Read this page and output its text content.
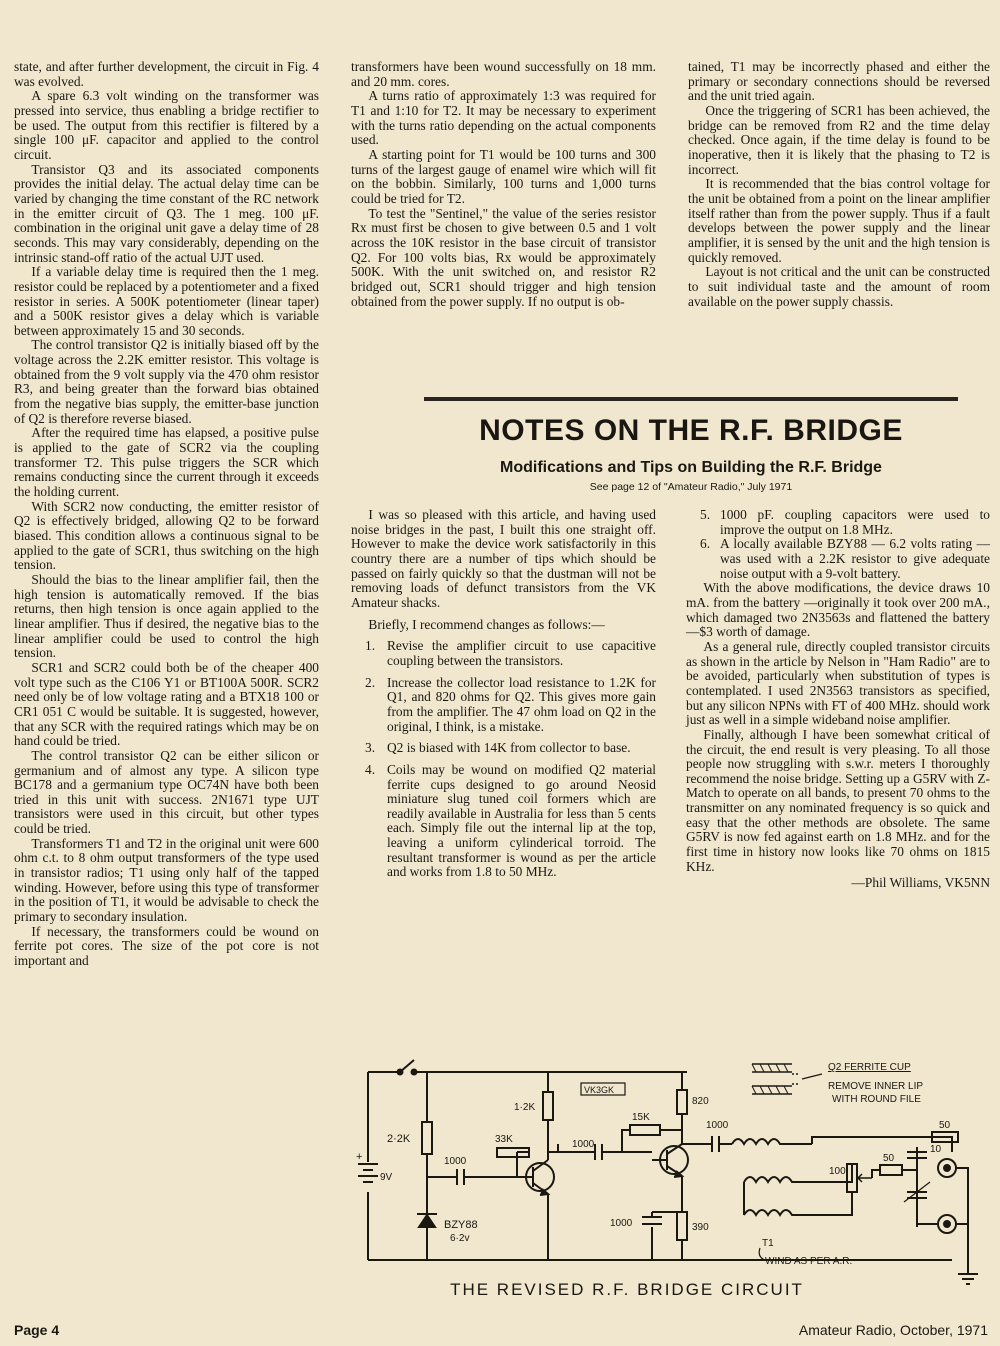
state, and after further development, the circuit in Fig. 4 was evolved.

A spare 6.3 volt winding on the transformer was pressed into service, thus enabling a bridge rectifier to be used. The output from this rectifier is filtered by a single 100 μF. capacitor and applied to the control circuit.

Transistor Q3 and its associated components provides the initial delay. The actual delay time can be varied by changing the time constant of the RC network in the emitter circuit of Q3. The 1 meg. 100 μF. combination in the original unit gave a delay time of 28 seconds. This may vary considerably, depending on the intrinsic stand-off ratio of the actual UJT used.

If a variable delay time is required then the 1 meg. resistor could be replaced by a potentiometer and a fixed resistor in series. A 500K potentiometer (linear taper) and a 500K resistor gives a delay which is variable between approximately 15 and 30 seconds.

The control transistor Q2 is initially biased off by the voltage across the 2.2K emitter resistor. This voltage is obtained from the 9 volt supply via the 470 ohm resistor R3, and being greater than the forward bias obtained from the negative bias supply, the emitter-base junction of Q2 is therefore reverse biased.

After the required time has elapsed, a positive pulse is applied to the gate of SCR2 via the coupling transformer T2. This pulse triggers the SCR which remains conducting since the current through it exceeds the holding current.

With SCR2 now conducting, the emitter resistor of Q2 is effectively bridged, allowing Q2 to be forward biased. This condition allows a continuous signal to be applied to the gate of SCR1, thus switching on the high tension.

Should the bias to the linear amplifier fail, then the high tension is automatically removed. If the bias returns, then high tension is once again applied to the linear amplifier. Thus if desired, the negative bias to the linear amplifier could be used to control the high tension.

SCR1 and SCR2 could both be of the cheaper 400 volt type such as the C106 Y1 or BT100A 500R. SCR2 need only be of low voltage rating and a BTX18 100 or CR1 051 C would be suitable. It is suggested, however, that any SCR with the required ratings which may be on hand could be tried.

The control transistor Q2 can be either silicon or germanium and of almost any type. A silicon type BC178 and a germanium type OC74N have both been tried in this unit with success. 2N1671 type UJT transistors were used in this circuit, but other types could be tried.

Transformers T1 and T2 in the original unit were 600 ohm c.t. to 8 ohm output transformers of the type used in transistor radios; T1 using only half of the tapped winding. However, before using this type of transformer in the position of T1, it would be advisable to check the primary to secondary insulation.

If necessary, the transformers could be wound on ferrite pot cores. The size of the pot core is not important and

transformers have been wound successfully on 18 mm. and 20 mm. cores.

A turns ratio of approximately 1:3 was required for T1 and 1:10 for T2. It may be necessary to experiment with the turns ratio depending on the actual components used.

A starting point for T1 would be 100 turns and 300 turns of the largest gauge of enamel wire which will fit on the bobbin. Similarly, 100 turns and 1,000 turns could be tried for T2.

To test the "Sentinel," the value of the series resistor Rx must first be chosen to give between 0.5 and 1 volt across the 10K resistor in the base circuit of transistor Q2. For 100 volts bias, Rx would be approximately 500K. With the unit switched on, and resistor R2 bridged out, SCR1 should trigger and high tension obtained from the power supply. If no output is ob-

tained, T1 may be incorrectly phased and either the primary or secondary connections should be reversed and the unit tried again.

Once the triggering of SCR1 has been achieved, the bridge can be removed from R2 and the time delay checked. Once again, if the time delay is found to be inoperative, then it is likely that the phasing to T2 is incorrect.

It is recommended that the bias control voltage for the unit be obtained from a point on the linear amplifier itself rather than from the power supply. Thus if a fault develops between the power supply and the linear amplifier, it is sensed by the unit and the high tension is quickly removed.

Layout is not critical and the unit can be constructed to suit individual taste and the amount of room available on the power supply chassis.

NOTES ON THE R.F. BRIDGE
Modifications and Tips on Building the R.F. Bridge
See page 12 of "Amateur Radio," July 1971

I was so pleased with this article, and having used noise bridges in the past, I built this one straight off. However to make the device work satisfactorily in this country there are a number of tips which should be passed on fairly quickly so that the dustman will not be removing loads of defunct transistors from the VK Amateur shacks.

Briefly, I recommend changes as follows:—

1. Revise the amplifier circuit to use capacitive coupling between the transistors.
2. Increase the collector load resistance to 1.2K for Q1, and 820 ohms for Q2. This gives more gain from the amplifier. The 47 ohm load on Q2 in the original, I think, is a mistake.
3. Q2 is biased with 14K from collector to base.
4. Coils may be wound on modified Q2 material ferrite cups designed to go around Neosid miniature slug tuned coil formers which are readily available in Australia for less than 5 cents each. Simply file out the internal lip at the top, leaving a uniform cylinderical torroid. The resultant transformer is wound as per the article and works from 1.8 to 50 MHz.
5. 1000 pF. coupling capacitors were used to improve the output on 1.8 MHz.
6. A locally available BZY88 — 6.2 volts rating — was used with a 2.2K resistor to give adequate noise output with a 9-volt battery.

With the above modifications, the device draws 10 mA. from the battery —originally it took over 200 mA., which damaged two 2N3563s and flattened the battery—$3 worth of damage.

As a general rule, directly coupled transistor circuits as shown in the article by Nelson in "Ham Radio" are to be avoided, particularly when substitution of types is contemplated. I used 2N3563 transistors as specified, but any silicon NPNs with FT of 400 MHz. should work just as well in a simple wideband noise amplifier.

Finally, although I have been somewhat critical of the circuit, the end result is very pleasing. To all those people now struggling with s.w.r. meters I thoroughly recommend the noise bridge. Setting up a G5RV with Z-Match to operate on all bands, to present 70 ohms to the transmitter on any nominated frequency is so quick and easy that the other methods are obsolete. The same G5RV is now fed against earth on 1.8 MHz. and for the first time in history now looks like 70 ohms on 1815 KHz.

—Phil Williams, VK5NN
+
9V
2·2K
BZY88
6·2v
1000
33K
1·2K
VK3GK
1000
15K
820
390
1000
1000
T1
WIND AS PER A.R.
50
100
50
10
Q2 FERRITE CUP
REMOVE INNER LIP
WITH ROUND FILE
THE REVISED R.F. BRIDGE CIRCUIT
Page 4	Amateur Radio, October, 1971
